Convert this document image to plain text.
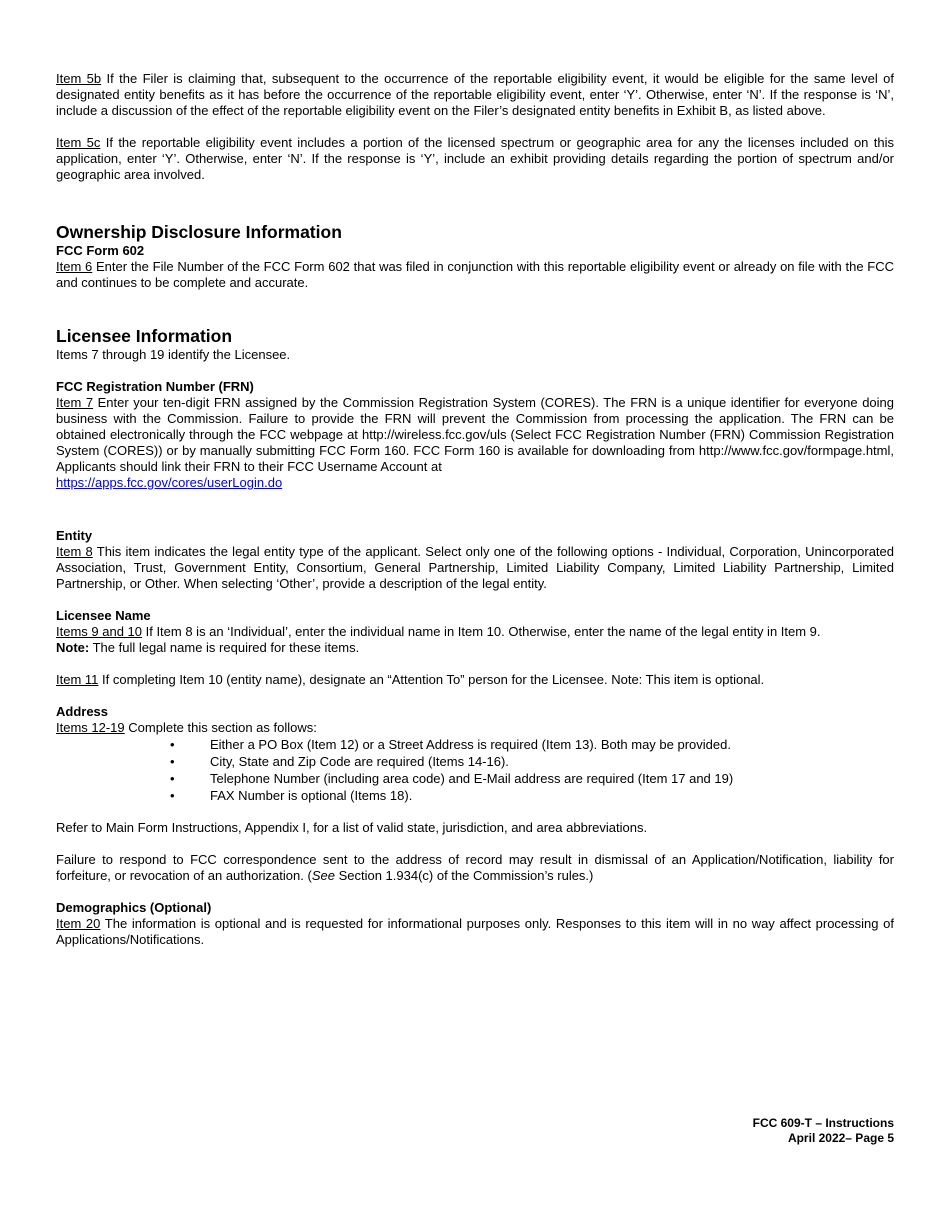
Item 5b If the Filer is claiming that, subsequent to the occurrence of the reportable eligibility event, it would be eligible for the same level of designated entity benefits as it has before the occurrence of the reportable eligibility event, enter ‘Y’. Otherwise, enter ‘N’. If the response is ‘N’, include a discussion of the effect of the reportable eligibility event on the Filer’s designated entity benefits in Exhibit B, as listed above.

Item 5c If the reportable eligibility event includes a portion of the licensed spectrum or geographic area for any the licenses included on this application, enter ‘Y’. Otherwise, enter ‘N’. If the response is ‘Y’, include an exhibit providing details regarding the portion of spectrum and/or geographic area involved.

Ownership Disclosure Information
FCC Form 602

Item 6 Enter the File Number of the FCC Form 602 that was filed in conjunction with this reportable eligibility event or already on file with the FCC and continues to be complete and accurate.

Licensee Information

Items 7 through 19 identify the Licensee.

FCC Registration Number (FRN)

Item 7 Enter your ten-digit FRN assigned by the Commission Registration System (CORES). The FRN is a unique identifier for everyone doing business with the Commission. Failure to provide the FRN will prevent the Commission from processing the application. The FRN can be obtained electronically through the FCC webpage at http://wireless.fcc.gov/uls (Select FCC Registration Number (FRN) Commission Registration System (CORES)) or by manually submitting FCC Form 160. FCC Form 160 is available for downloading from http://www.fcc.gov/formpage.html, Applicants should link their FRN to their FCC Username Account at
https://apps.fcc.gov/cores/userLogin.do

Entity

Item 8 This item indicates the legal entity type of the applicant. Select only one of the following options - Individual, Corporation, Unincorporated Association, Trust, Government Entity, Consortium, General Partnership, Limited Liability Company, Limited Liability Partnership, Limited Partnership, or Other. When selecting ‘Other’, provide a description of the legal entity.

Licensee Name

Items 9 and 10 If Item 8 is an ‘Individual’, enter the individual name in Item 10. Otherwise, enter the name of the legal entity in Item 9.
Note: The full legal name is required for these items.

Item 11 If completing Item 10 (entity name), designate an “Attention To” person for the Licensee. Note: This item is optional.

Address

Items 12-19 Complete this section as follows:

•	Either a PO Box (Item 12) or a Street Address is required (Item 13). Both may be provided.
•	City, State and Zip Code are required (Items 14-16).
•	Telephone Number (including area code) and E-Mail address are required (Item 17 and 19)
•	FAX Number is optional (Items 18).

Refer to Main Form Instructions, Appendix I, for a list of valid state, jurisdiction, and area abbreviations.

Failure to respond to FCC correspondence sent to the address of record may result in dismissal of an Application/Notification, liability for forfeiture, or revocation of an authorization. (See Section 1.934(c) of the Commission’s rules.)

Demographics (Optional)

Item 20 The information is optional and is requested for informational purposes only. Responses to this item will in no way affect processing of Applications/Notifications.

FCC 609-T – Instructions
April 2022– Page 5
